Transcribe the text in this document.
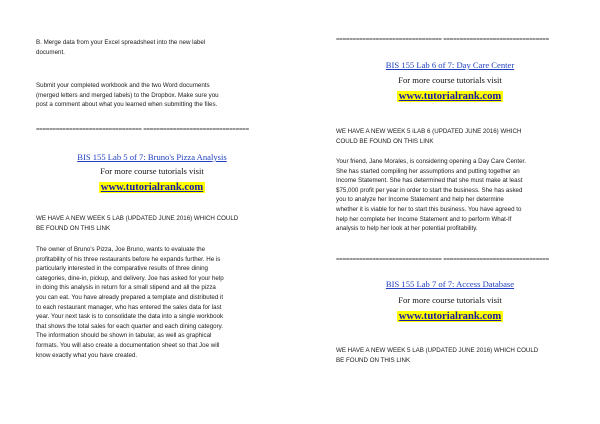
B. Merge data from your Excel spreadsheet into the new label
document.

Submit your completed workbook and the two Word documents
(merged letters and merged labels) to the Dropbox. Make sure you
post a comment about what you learned when submitting the files.

================================ ================================
BIS 155 Lab 5 of 7: Bruno's Pizza Analysis
For more course tutorials visit
www.tutorialrank.com

WE HAVE A NEW WEEK 5 LAB (UPDATED JUNE 2016) WHICH COULD
BE FOUND ON THIS LINK

The owner of Bruno's Pizza, Joe Bruno, wants to evaluate the
profitability of his three restaurants before he expands further. He is
particularly interested in the comparative results of three dining
categories, dine-in, pickup, and delivery. Joe has asked for your help
in doing this analysis in return for a small stipend and all the pizza
you can eat. You have already prepared a template and distributed it
to each restaurant manager, who has entered the sales data for last
year. Your next task is to consolidate the data into a single workbook
that shows the total sales for each quarter and each dining category.
The information should be shown in tabular, as well as graphical
formats. You will also create a documentation sheet so that Joe will
know exactly what you have created.

================================ ================================
BIS 155 Lab 6 of 7: Day Care Center
For more course tutorials visit
www.tutorialrank.com

WE HAVE A NEW WEEK 5 iLAB 6 (UPDATED JUNE 2016) WHICH
COULD BE FOUND ON THIS LINK

Your friend, Jane Morales, is considering opening a Day Care Center.
She has started compiling her assumptions and putting together an
Income Statement. She has determined that she must make at least
$75,000 profit per year in order to start the business. She has asked
you to analyze her Income Statement and help her determine
whether it is viable for her to start this business. You have agreed to
help her complete her Income Statement and to perform What-If
analysis to help her look at her potential profitability.

================================ ================================
BIS 155 Lab 7 of 7: Access Database
For more course tutorials visit
www.tutorialrank.com

WE HAVE A NEW WEEK 5 LAB (UPDATED JUNE 2016) WHICH COULD
BE FOUND ON THIS LINK
